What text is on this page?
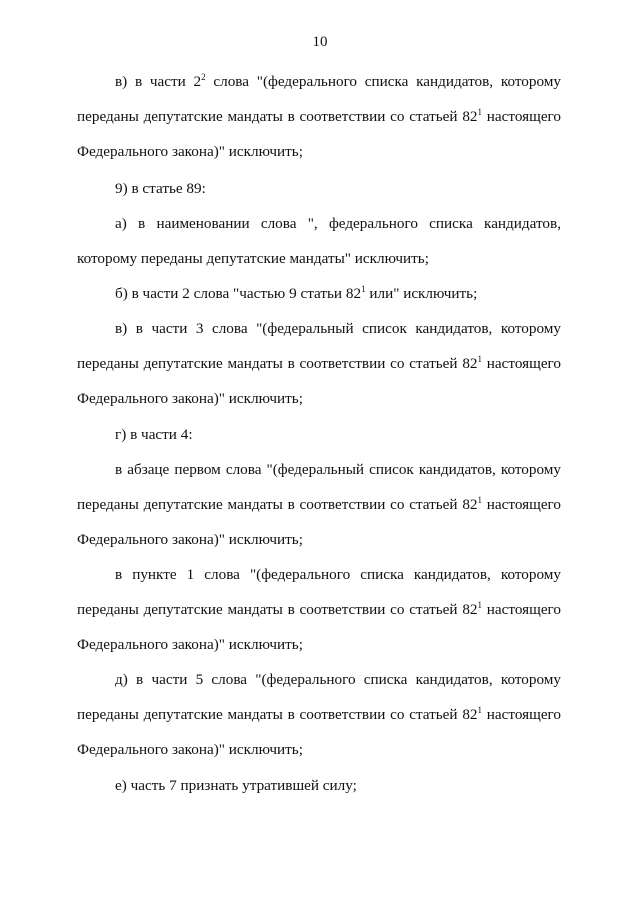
10
в) в части $2^2$ слова "(федерального списка кандидатов, которому
переданы депутатские мандаты в соответствии со статьей $82^1$ настоящего
Федерального закона)" исключить;
9) в статье 89:
а) в наименовании слова ", федерального списка кандидатов,
которому переданы депутатские мандаты" исключить;
б) в части 2 слова "частью 9 статьи $82^1$ или" исключить;
в) в части 3 слова "(федеральный список кандидатов, которому
переданы депутатские мандаты в соответствии со статьей $82^1$ настоящего
Федерального закона)" исключить;
г) в части 4:
в абзаце первом слова "(федеральный список кандидатов, которому
переданы депутатские мандаты в соответствии со статьей $82^1$ настоящего
Федерального закона)" исключить;
в пункте 1 слова "(федерального списка кандидатов, которому
переданы депутатские мандаты в соответствии со статьей $82^1$ настоящего
Федерального закона)" исключить;
д) в части 5 слова "(федерального списка кандидатов, которому
переданы депутатские мандаты в соответствии со статьей $82^1$ настоящего
Федерального закона)" исключить;
е) часть 7 признать утратившей силу;
